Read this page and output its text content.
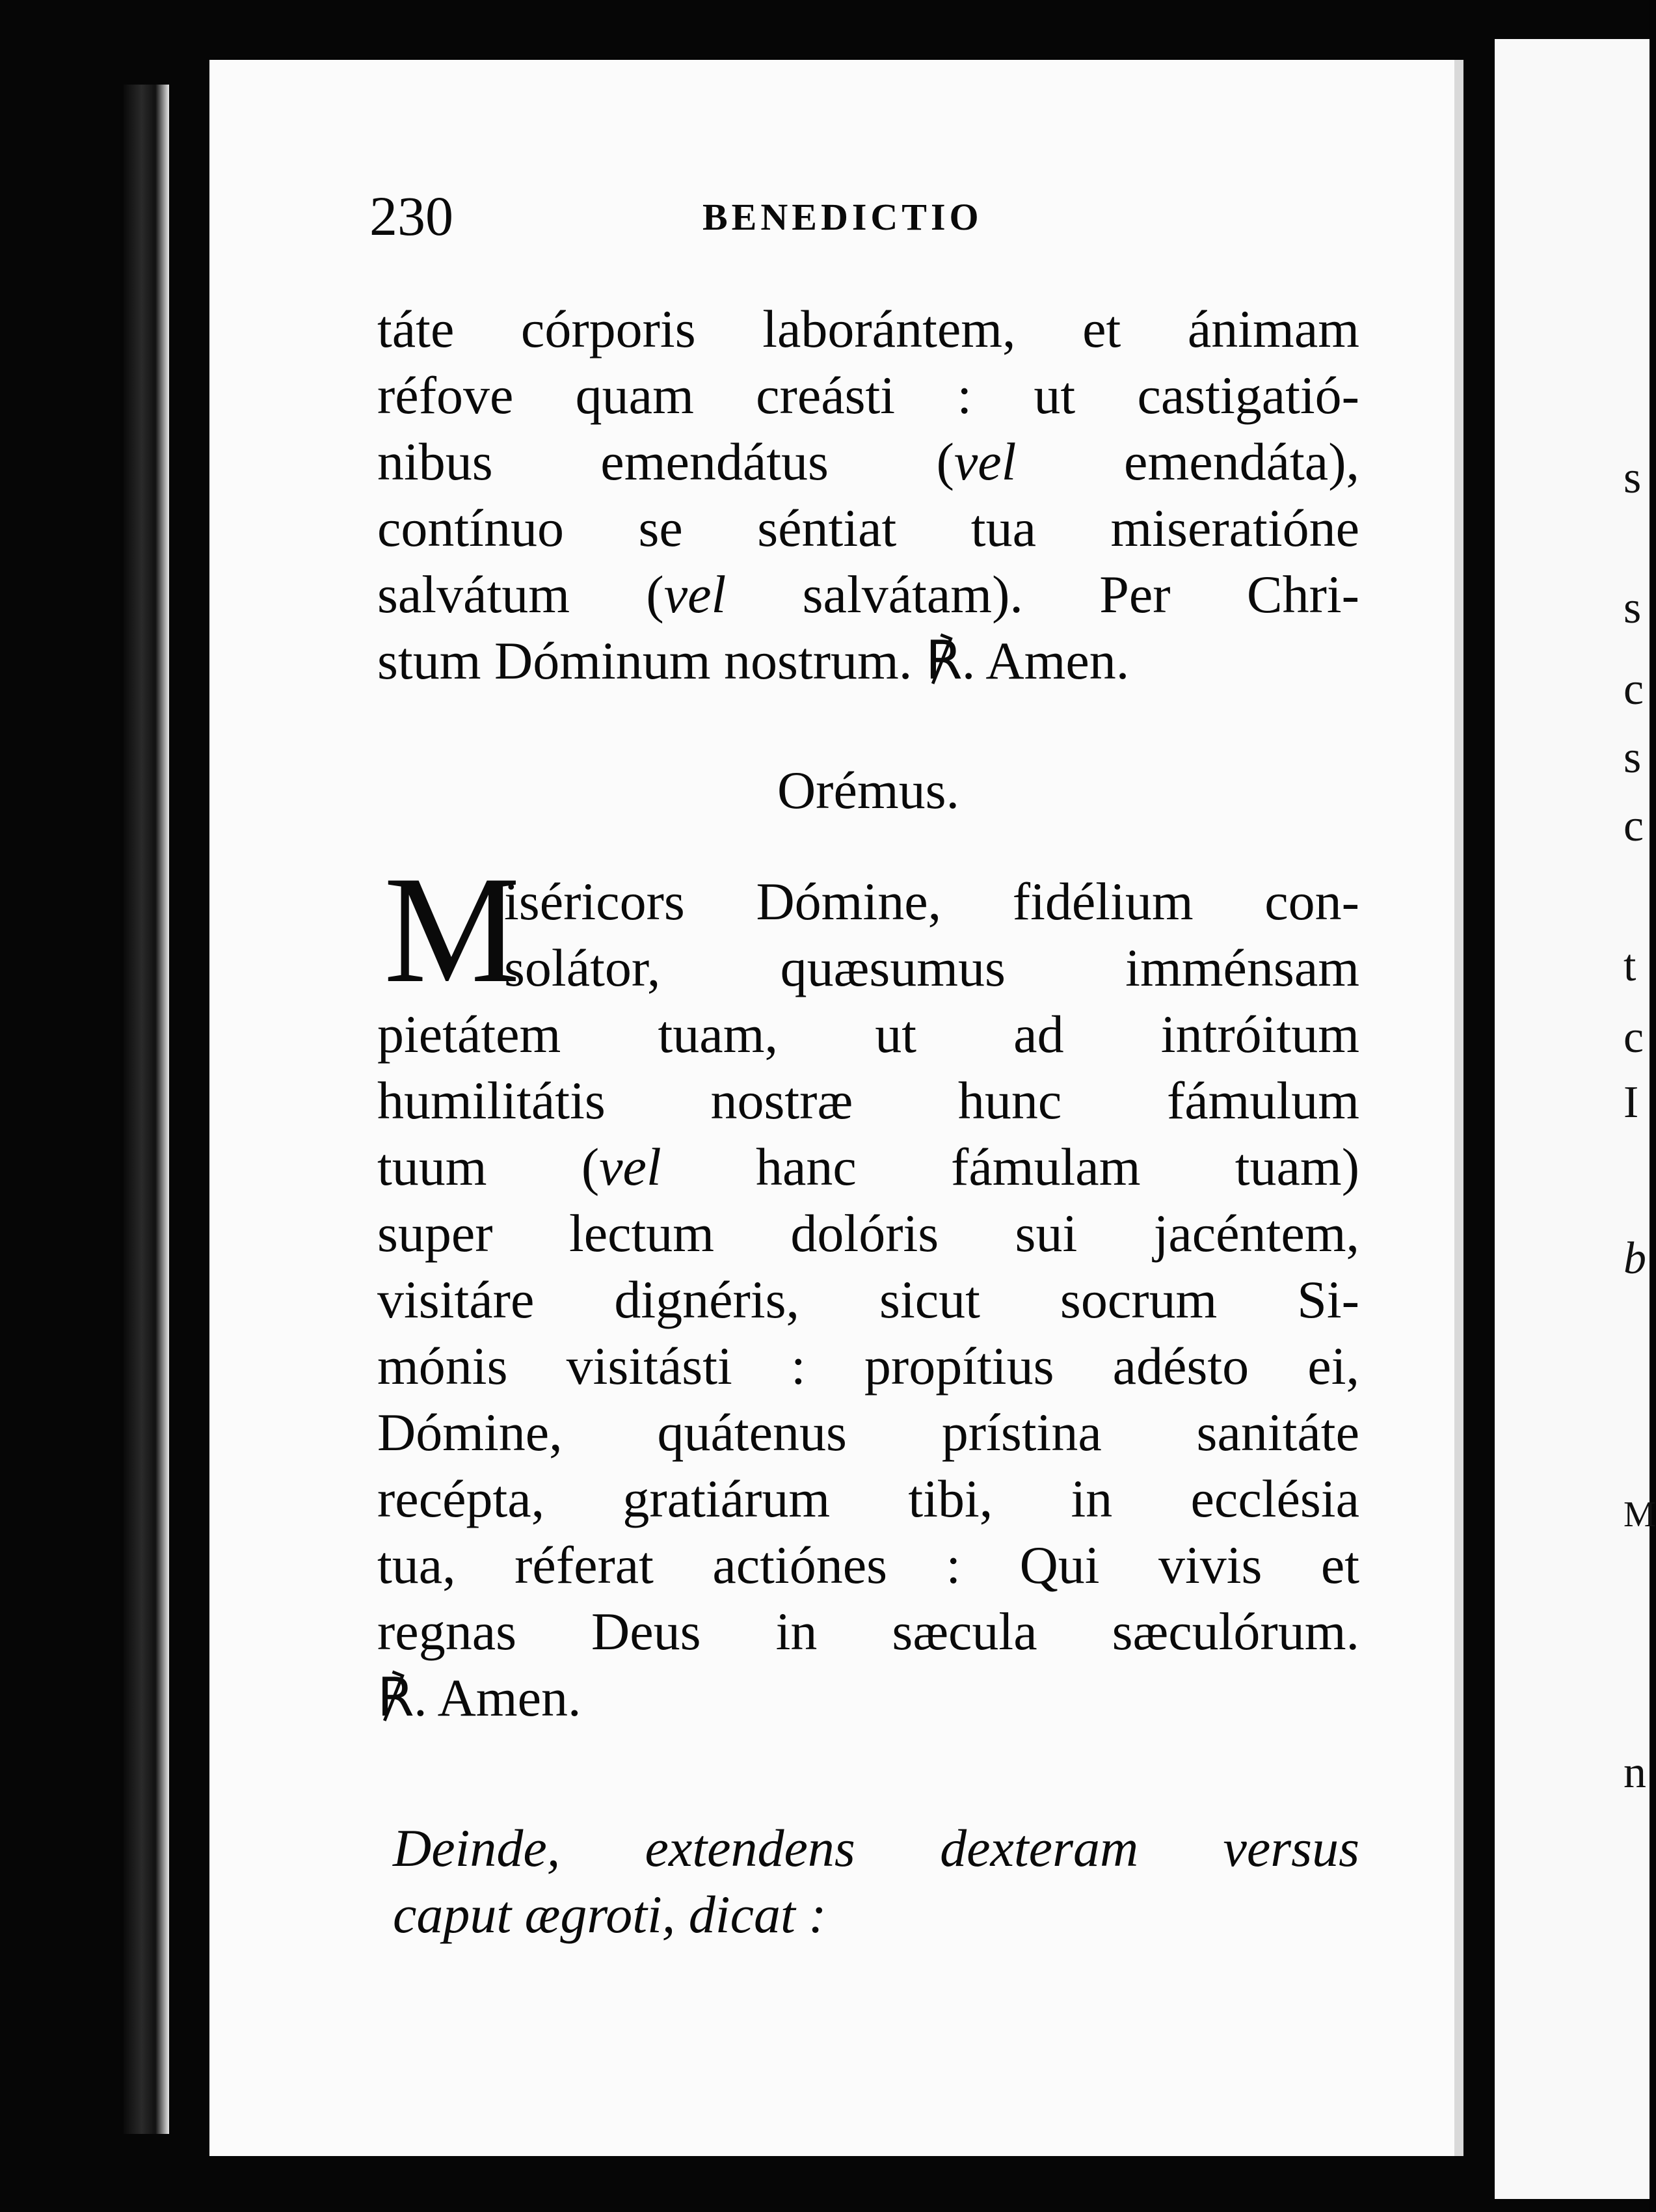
s
s
c
s
c
t
c
I
b
M
n
230	BENEDICTIO
táte córporis laborántem, et ánimam
réfove quam creásti : ut castigatió-
nibus emendátus (vel emendáta),
contínuo se séntiat tua miseratióne
salvátum (vel salvátam). Per Chri-
stum Dóminum nostrum. ℟. Amen.
Orémus.
M
isériсors Dómine, fidélium con-
solátor, quæsumus imménsam
pietátem tuam, ut ad intróitum
humilitátis nostræ hunc fámulum
tuum (vel hanc fámulam tuam)
super lectum dolóris sui jacéntem,
visitáre dignéris, sicut socrum Si-
mónis visitásti : propítius adésto ei,
Dómine, quátenus prístina sanitáte
recépta, gratiárum tibi, in ecclésia
tua, réferat actiónes : Qui vivis et
regnas Deus in sæcula sæculórum.
℟. Amen.
Deinde, extendens dexteram versus
caput ægroti, dicat :
